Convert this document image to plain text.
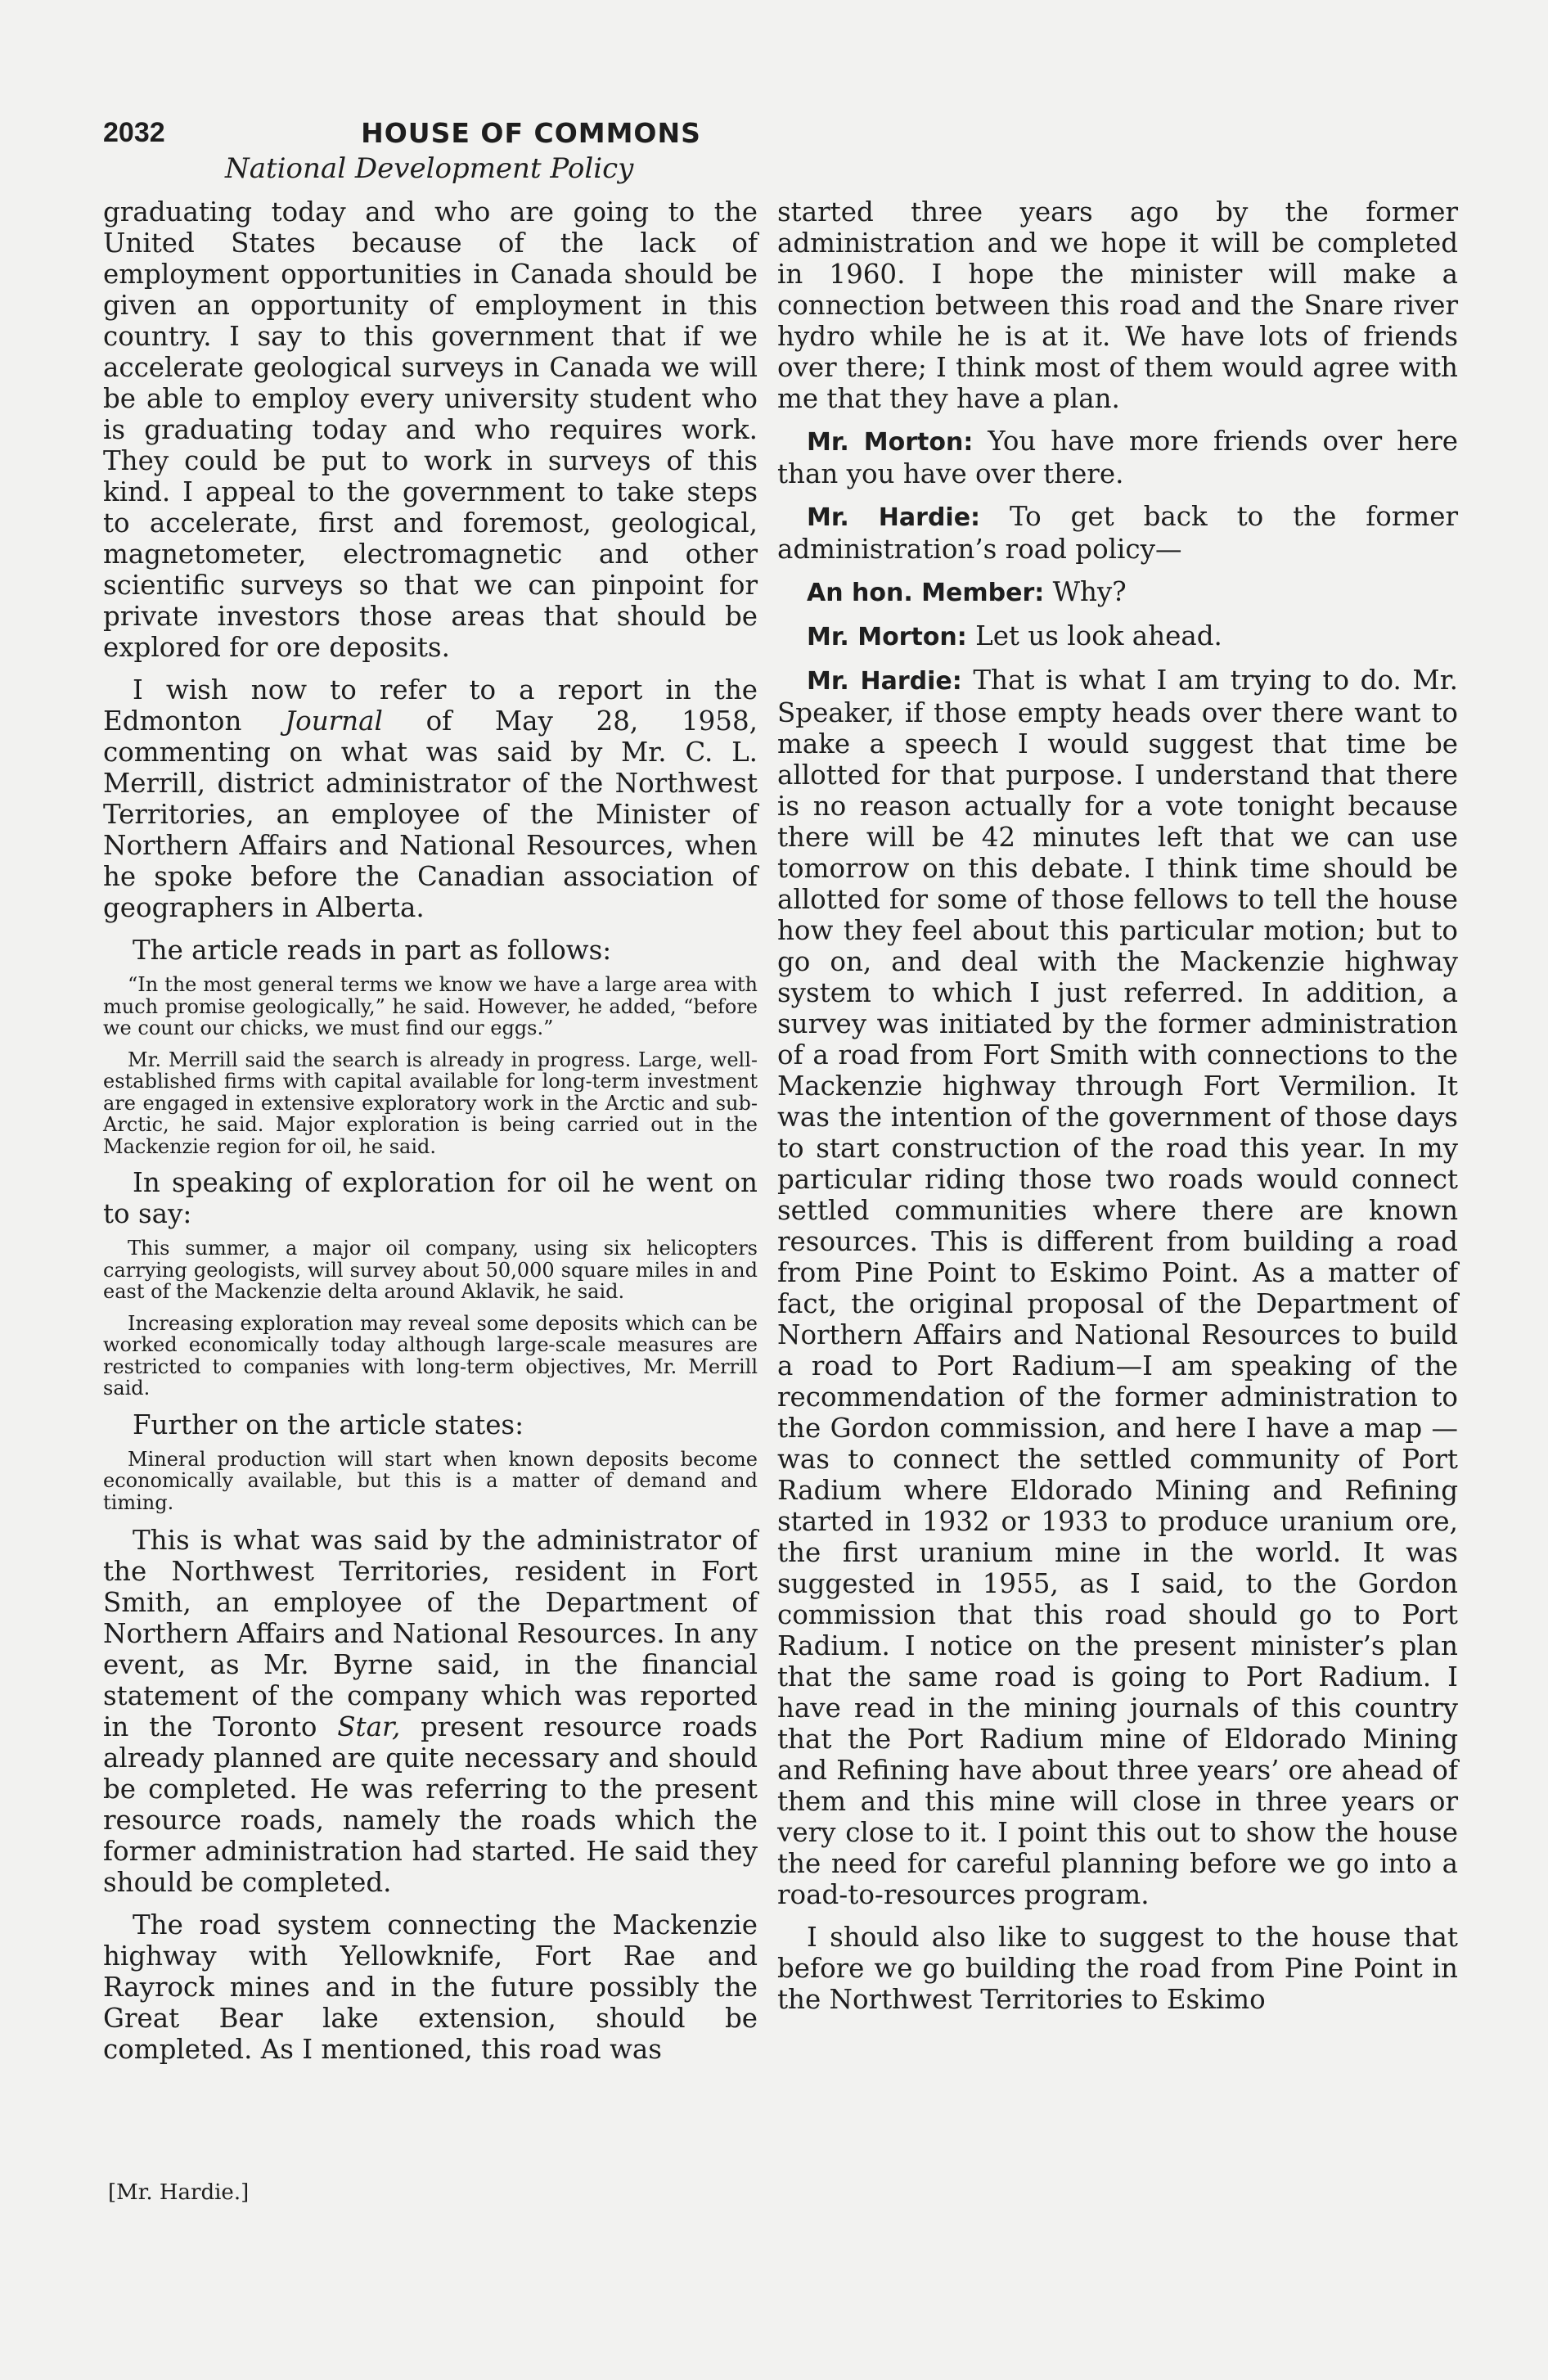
2032	HOUSE OF COMMONS
National Development Policy

graduating today and who are going to the United States because of the lack of employment opportunities in Canada should be given an opportunity of employment in this country. I say to this government that if we accelerate geological surveys in Canada we will be able to employ every university student who is graduating today and who requires work. They could be put to work in surveys of this kind. I appeal to the government to take steps to accelerate, first and foremost, geological, magnetometer, electromagnetic and other scientific surveys so that we can pinpoint for private investors those areas that should be explored for ore deposits.

I wish now to refer to a report in the Edmonton Journal of May 28, 1958, commenting on what was said by Mr. C. L. Merrill, district administrator of the Northwest Territories, an employee of the Minister of Northern Affairs and National Resources, when he spoke before the Canadian association of geographers in Alberta.

The article reads in part as follows:

“In the most general terms we know we have a large area with much promise geologically,” he said. However, he added, “before we count our chicks, we must find our eggs.”
Mr. Merrill said the search is already in progress. Large, well-established firms with capital available for long-term investment are engaged in extensive exploratory work in the Arctic and sub-Arctic, he said. Major exploration is being carried out in the Mackenzie region for oil, he said.

In speaking of exploration for oil he went on to say:

This summer, a major oil company, using six helicopters carrying geologists, will survey about 50,000 square miles in and east of the Mackenzie delta around Aklavik, he said.
Increasing exploration may reveal some deposits which can be worked economically today although large-scale measures are restricted to companies with long-term objectives, Mr. Merrill said.

Further on the article states:

Mineral production will start when known deposits become economically available, but this is a matter of demand and timing.

This is what was said by the administrator of the Northwest Territories, resident in Fort Smith, an employee of the Department of Northern Affairs and National Resources. In any event, as Mr. Byrne said, in the financial statement of the company which was reported in the Toronto Star, present resource roads already planned are quite necessary and should be completed. He was referring to the present resource roads, namely the roads which the former administration had started. He said they should be completed.

The road system connecting the Mackenzie highway with Yellowknife, Fort Rae and Rayrock mines and in the future possibly the Great Bear lake extension, should be completed. As I mentioned, this road was

started three years ago by the former administration and we hope it will be completed in 1960. I hope the minister will make a connection between this road and the Snare river hydro while he is at it. We have lots of friends over there; I think most of them would agree with me that they have a plan.

Mr. Morton: You have more friends over here than you have over there.

Mr. Hardie: To get back to the former administration’s road policy—

An hon. Member: Why?

Mr. Morton: Let us look ahead.

Mr. Hardie: That is what I am trying to do. Mr. Speaker, if those empty heads over there want to make a speech I would suggest that time be allotted for that purpose. I understand that there is no reason actually for a vote tonight because there will be 42 minutes left that we can use tomorrow on this debate. I think time should be allotted for some of those fellows to tell the house how they feel about this particular motion; but to go on, and deal with the Mackenzie highway system to which I just referred. In addition, a survey was initiated by the former administration of a road from Fort Smith with connections to the Mackenzie highway through Fort Vermilion. It was the intention of the government of those days to start construction of the road this year. In my particular riding those two roads would connect settled communities where there are known resources. This is different from building a road from Pine Point to Eskimo Point. As a matter of fact, the original proposal of the Department of Northern Affairs and National Resources to build a road to Port Radium—I am speaking of the recommendation of the former administration to the Gordon commission, and here I have a map —was to connect the settled community of Port Radium where Eldorado Mining and Refining started in 1932 or 1933 to produce uranium ore, the first uranium mine in the world. It was suggested in 1955, as I said, to the Gordon commission that this road should go to Port Radium. I notice on the present minister’s plan that the same road is going to Port Radium. I have read in the mining journals of this country that the Port Radium mine of Eldorado Mining and Refining have about three years’ ore ahead of them and this mine will close in three years or very close to it. I point this out to show the house the need for careful planning before we go into a road-to-resources program.

I should also like to suggest to the house that before we go building the road from Pine Point in the Northwest Territories to Eskimo

[Mr. Hardie.]
